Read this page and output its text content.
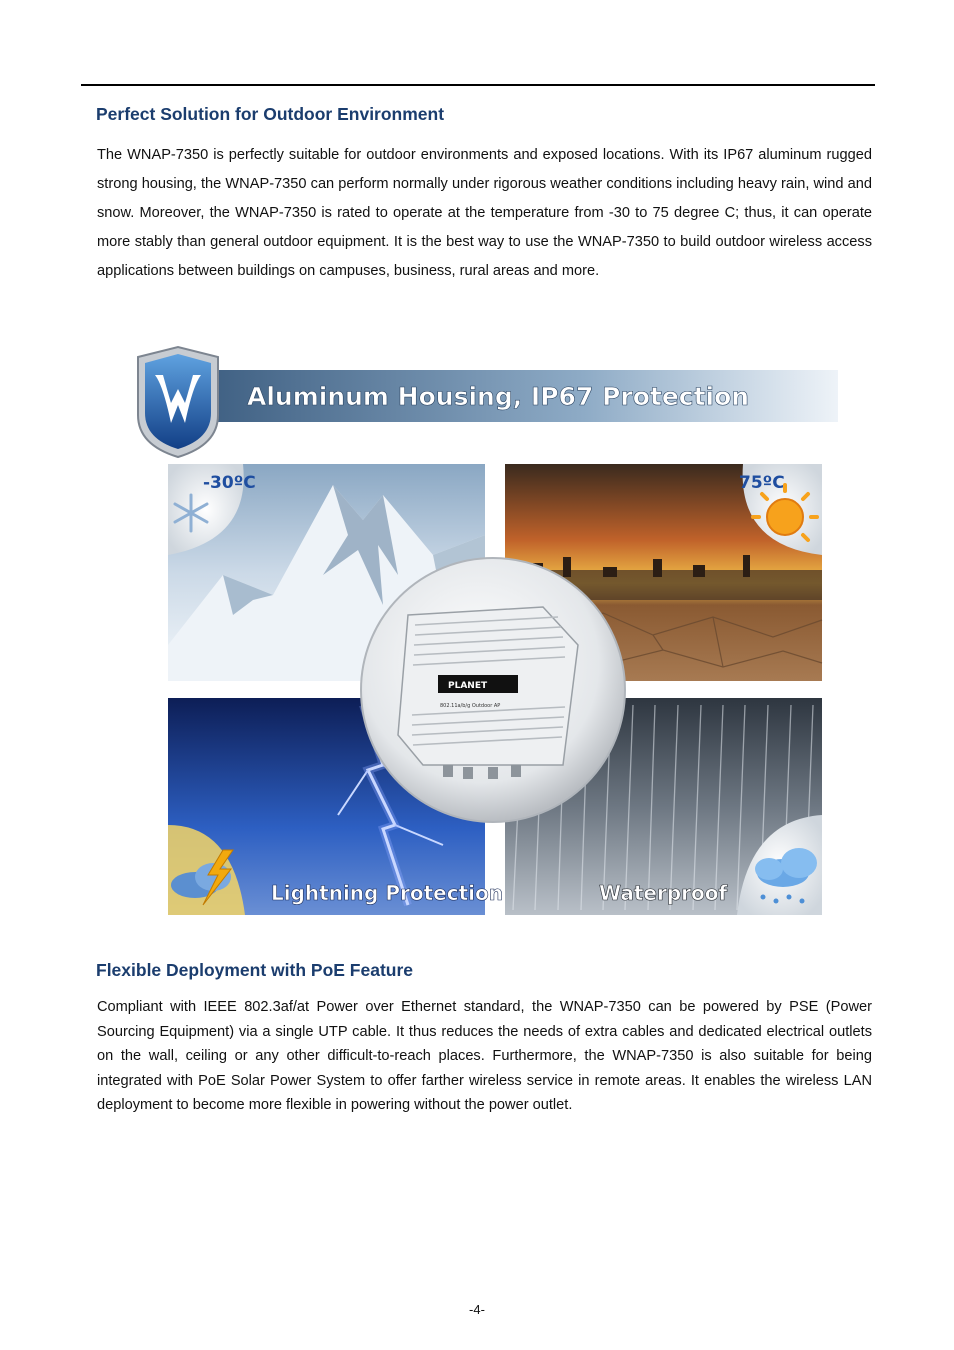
Perfect Solution for Outdoor Environment

The WNAP-7350 is perfectly suitable for outdoor environments and exposed locations. With its IP67 aluminum rugged strong housing, the WNAP-7350 can perform normally under rigorous weather conditions including heavy rain, wind and snow. Moreover, the WNAP-7350 is rated to operate at the temperature from -30 to 75 degree C; thus, it can operate more stably than general outdoor equipment. It is the best way to use the WNAP-7350 to build outdoor wireless access applications between buildings on campuses, business, rural areas and more.

Aluminum Housing, IP67 Protection
-30ºC	75ºC
Lightning Protection	Waterproof
PLANET
802.11a/b/g Outdoor AP
Flexible Deployment with PoE Feature

Compliant with IEEE 802.3af/at Power over Ethernet standard, the WNAP-7350 can be powered by PSE (Power Sourcing Equipment) via a single UTP cable. It thus reduces the needs of extra cables and dedicated electrical outlets on the wall, ceiling or any other difficult-to-reach places. Furthermore, the WNAP-7350 is also suitable for being integrated with PoE Solar Power System to offer farther wireless service in remote areas. It enables the wireless LAN deployment to become more flexible in powering without the power outlet.

-4-
